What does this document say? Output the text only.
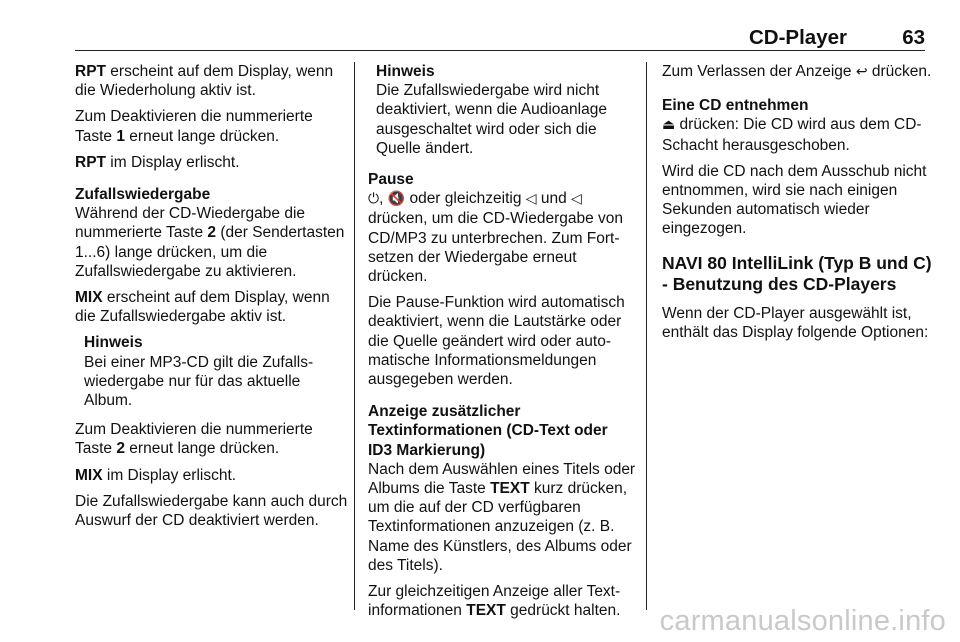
CD-Player	63

RPT erscheint auf dem Display, wenn die Wiederholung aktiv ist.

Zum Deaktivieren die nummerierte Taste 1 erneut lange drücken.

RPT im Display erlischt.

Zufallswiedergabe

Während der CD-Wiedergabe die nummerierte Taste 2 (der Sendertasten 1...6) lange drücken, um die Zufallswiedergabe zu aktivieren.

MIX erscheint auf dem Display, wenn die Zufallswiedergabe aktiv ist.

Hinweis
Bei einer MP3-CD gilt die Zufallswiedergabe nur für das aktuelle Album.

Zum Deaktivieren die nummerierte Taste 2 erneut lange drücken.

MIX im Display erlischt.

Die Zufallswiedergabe kann auch durch Auswurf der CD deaktiviert werden.

Hinweis
Die Zufallswiedergabe wird nicht deaktiviert, wenn die Audioanlage ausgeschaltet wird oder sich die Quelle ändert.

Pause

⏻, 🔇 oder gleichzeitig ◁ und ◁ drücken, um die CD-Wiedergabe von CD/MP3 zu unterbrechen. Zum Fortsetzen der Wiedergabe erneut drücken.

Die Pause-Funktion wird automatisch deaktiviert, wenn die Lautstärke oder die Quelle geändert wird oder automatische Informationsmeldungen ausgegeben werden.

Anzeige zusätzlicher Textinformationen (CD-Text oder ID3 Markierung)

Nach dem Auswählen eines Titels oder Albums die Taste TEXT kurz drücken, um die auf der CD verfügbaren Textinformationen anzuzeigen (z. B. Name des Künstlers, des Albums oder des Titels).

Zur gleichzeitigen Anzeige aller Textinformationen TEXT gedrückt halten.

Zum Verlassen der Anzeige ↩ drücken.

Eine CD entnehmen

⏏ drücken: Die CD wird aus dem CD-Schacht herausgeschoben.

Wird die CD nach dem Ausschub nicht entnommen, wird sie nach einigen Sekunden automatisch wieder eingezogen.

NAVI 80 IntelliLink (Typ B und C) - Benutzung des CD-Players

Wenn der CD-Player ausgewählt ist, enthält das Display folgende Optionen:

carmanualsonline.info
